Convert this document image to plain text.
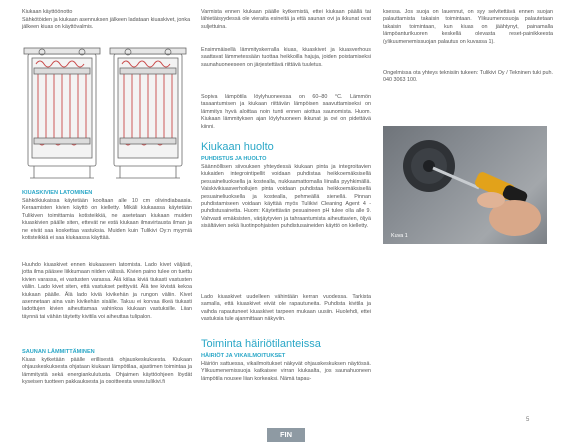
Kiukaan käyttöönotto

Sähkötöiden ja kiukaan asennuksen jälkeen ladataan kiuaskivet, jonka jälkeen kiuas on käyttövalmis.

KIUASKIVIEN LATOMINEN

Sähkökiukaissa käytetään kooltaan alle 10 cm olivindiabaasia. Keraamisten kivien käyttö on kielletty. Mikäli kiukaassa käytetään Tulikiven toimittamia kotisteikkiä, ne asetetaan kiukaan muiden kiuaskivien päälle siten, ettevät ne estä kiukaan ilmavirtausta ilman ja ne eivät saa koskettaa vastuksia. Muiden kuin Tulikivi Oy:n myymiä kotisteikkiä ei saa kiukaassa käyttää.

Huuhdo kiuaskivet ennen kiukaaseen latomista. Lado kivet väljästi, jotta ilma pääsee liikkumaan niiden välissä. Kivien paino tulee on tuettu kivien varassa, ei vastusten varassa. Älä kiilaa kiviä tiukasti vastusten väliin. Lado kivet siten, että vastukset peittyvät. Älä tee kivistä kekoa kiukaan päälle. Älä lado kiviä kivikehän ja rungon väliin. Kivet asennetaan aina vain kivikehän sisälle. Takuu ei korvaa ilkeä tiukasti ladottujen kivien aiheuttamaa vahinkoa kiukaan vastuksille. Liian täynnä tai vähän täytetty kivitila voi aiheuttaa tulipalon.

SAUNAN LÄMMITTÄMINEN

Kiuas kytketään päälle erillisestä ohjauskeskuksesta. Kiukaan ohjauskeskuksesta ohjataan kiukaan lämpötilaa, ajastimen toimintaa ja lämmitystä sekä energiankulutusta. Ohjaimen käyttöohjeen löydät kyseisen tuotteen pakkauksesta ja osoitteesta www.tulikivi.fi

Varmista ennen kiukaan päälle kytkemistä, ettei kiukaan päällä tai lähietäisyydessä ole vieraita esineitä ja että saunan ovi ja ikkunat ovat suljettuina.

Ensimmäisellä lämmityskerralla kiuas, kiuaskivet ja kiuasverhous saattavat lämmetessään tuottaa heikkoilla hajuja, joiden poistamiseksi saunahuoneeseen on järjestettävä riittävä tuuletus.

Sopiva lämpötila löylyhuoneessa on 60–80 °C. Lämmön tasaantumisen ja kiukaan riittävän lämpöisen saavuttamiseksi on lämmitys hyvä aloittaa noin tunti ennen aiottua saunomista. Huom. Kiukaan lämmityksen ajan löylyhuoneen ikkunat ja ovi on pidettävä kiinni.

Kiukaan huolto

PUHDISTUS JA HUOLTO

Säännöllisen siivouksen yhteydessä kiukaan pinta ja integroitavien kiukaiden integrointipellit voidaan puhdistaa heikkoemäksisellä pesuaineliuoksella ja kostealla, nukkaamattomalla liinalla pyyhkimällä. Vaiskivikiuasverhoilujen pinta voidaan puhdistaa heikkoemäksisellä pesuaineliuoksella ja kostealla, pehmeällä sienellä. Pinnan puhdistamiseen voidaan käyttää myös Tulikivi Cleaning Agent 4 -puhdistusainetta. Huom: Käytettävän pesuaineen pH tulee olla alle 9. Vahvasti emäksisten, värjäytyvien ja tahraantumista aiheuttavien, öljyä sisältävien sekä liuotinpohjaisten puhdistusaineiden käyttö on kielletty.

Lado kiuaskivet uudelleen vähintään kerran vuodessa. Tarkista samalla, että kiuaskivet eivät ole rapautuneita. Puhdista kivitila ja vaihda rapautuneet kiuaskivet tarpeen mukaan uusiin. Huolehdi, ettei vastuksia tule ajanmittaan näkyviin.

Toiminta häiriötilanteissa

HÄIRIÖT JA VIKAILMOITUKSET

Häiriön sattuessa, vikailmoitukset näkyvät ohjauskeskuksen näytössä. Ylikuumenemissuoja katkaisee virran kiukaalta, jos saunahuoneen lämpötila nousee liian korkeaksi. Nämä tapau-

ksessa. Jos suoja on lauennut, on syy selvitettävä ennen suojan palauttamista takaisin toimintaan. Ylikuumenosuoja palautetaan takaisin toimintaan, kun kiuas on jäähtynyt, painamalla lämpöanturikuoren keskellä olevasta reset-painikkeesta (ylikuumenemissuojan palautus on kuvassa 1).

Ongelmissa ota yhteys teknisiin tukeen: Tulikivi Oy / Tekninen tuki puh. 040 3063 100.

Kuva 1
5
FIN
